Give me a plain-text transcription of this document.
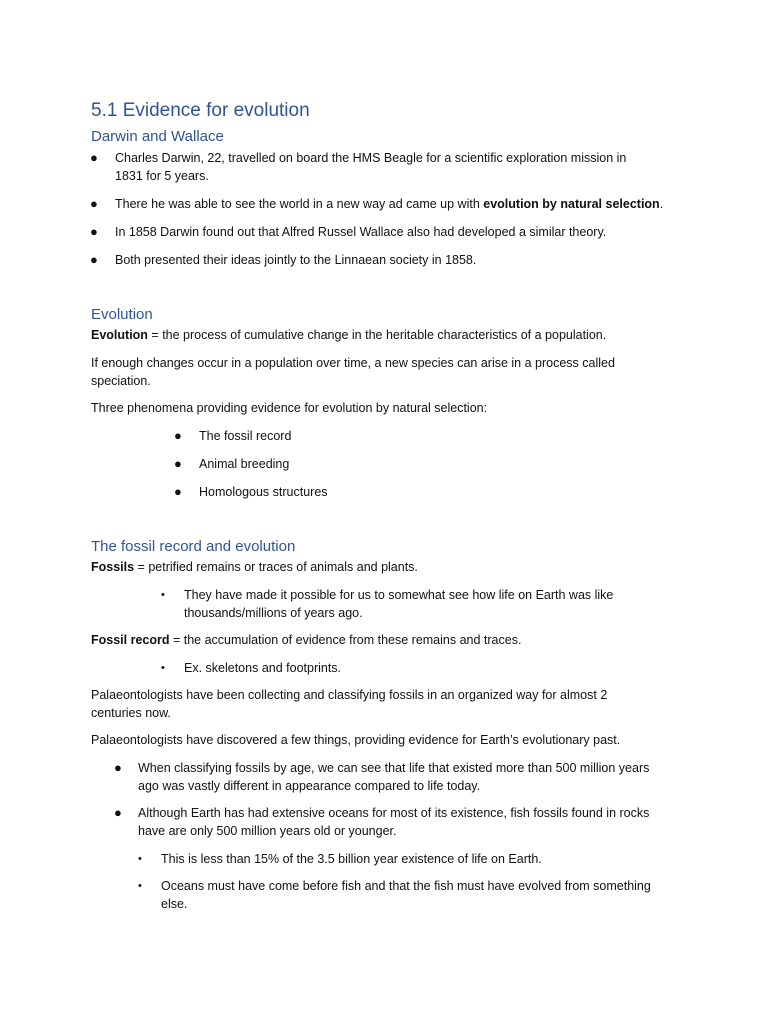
5.1 Evidence for evolution
Darwin and Wallace
● Charles Darwin, 22, travelled on board the HMS Beagle for a scientific exploration mission in
1831 for 5 years.
● There he was able to see the world in a new way ad came up with evolution by natural selection.
● In 1858 Darwin found out that Alfred Russel Wallace also had developed a similar theory.
● Both presented their ideas jointly to the Linnaean society in 1858.
Evolution
Evolution = the process of cumulative change in the heritable characteristics of a population.
If enough changes occur in a population over time, a new species can arise in a process called
speciation.
Three phenomena providing evidence for evolution by natural selection:
● The fossil record
● Animal breeding
● Homologous structures
The fossil record and evolution
Fossils = petrified remains or traces of animals and plants.
• They have made it possible for us to somewhat see how life on Earth was like
thousands/millions of years ago.
Fossil record = the accumulation of evidence from these remains and traces.
• Ex. skeletons and footprints.
Palaeontologists have been collecting and classifying fossils in an organized way for almost 2
centuries now.
Palaeontologists have discovered a few things, providing evidence for Earth’s evolutionary past.
● When classifying fossils by age, we can see that life that existed more than 500 million years
ago was vastly different in appearance compared to life today.
● Although Earth has had extensive oceans for most of its existence, fish fossils found in rocks
have are only 500 million years old or younger.
• This is less than 15% of the 3.5 billion year existence of life on Earth.
• Oceans must have come before fish and that the fish must have evolved from something
else.
